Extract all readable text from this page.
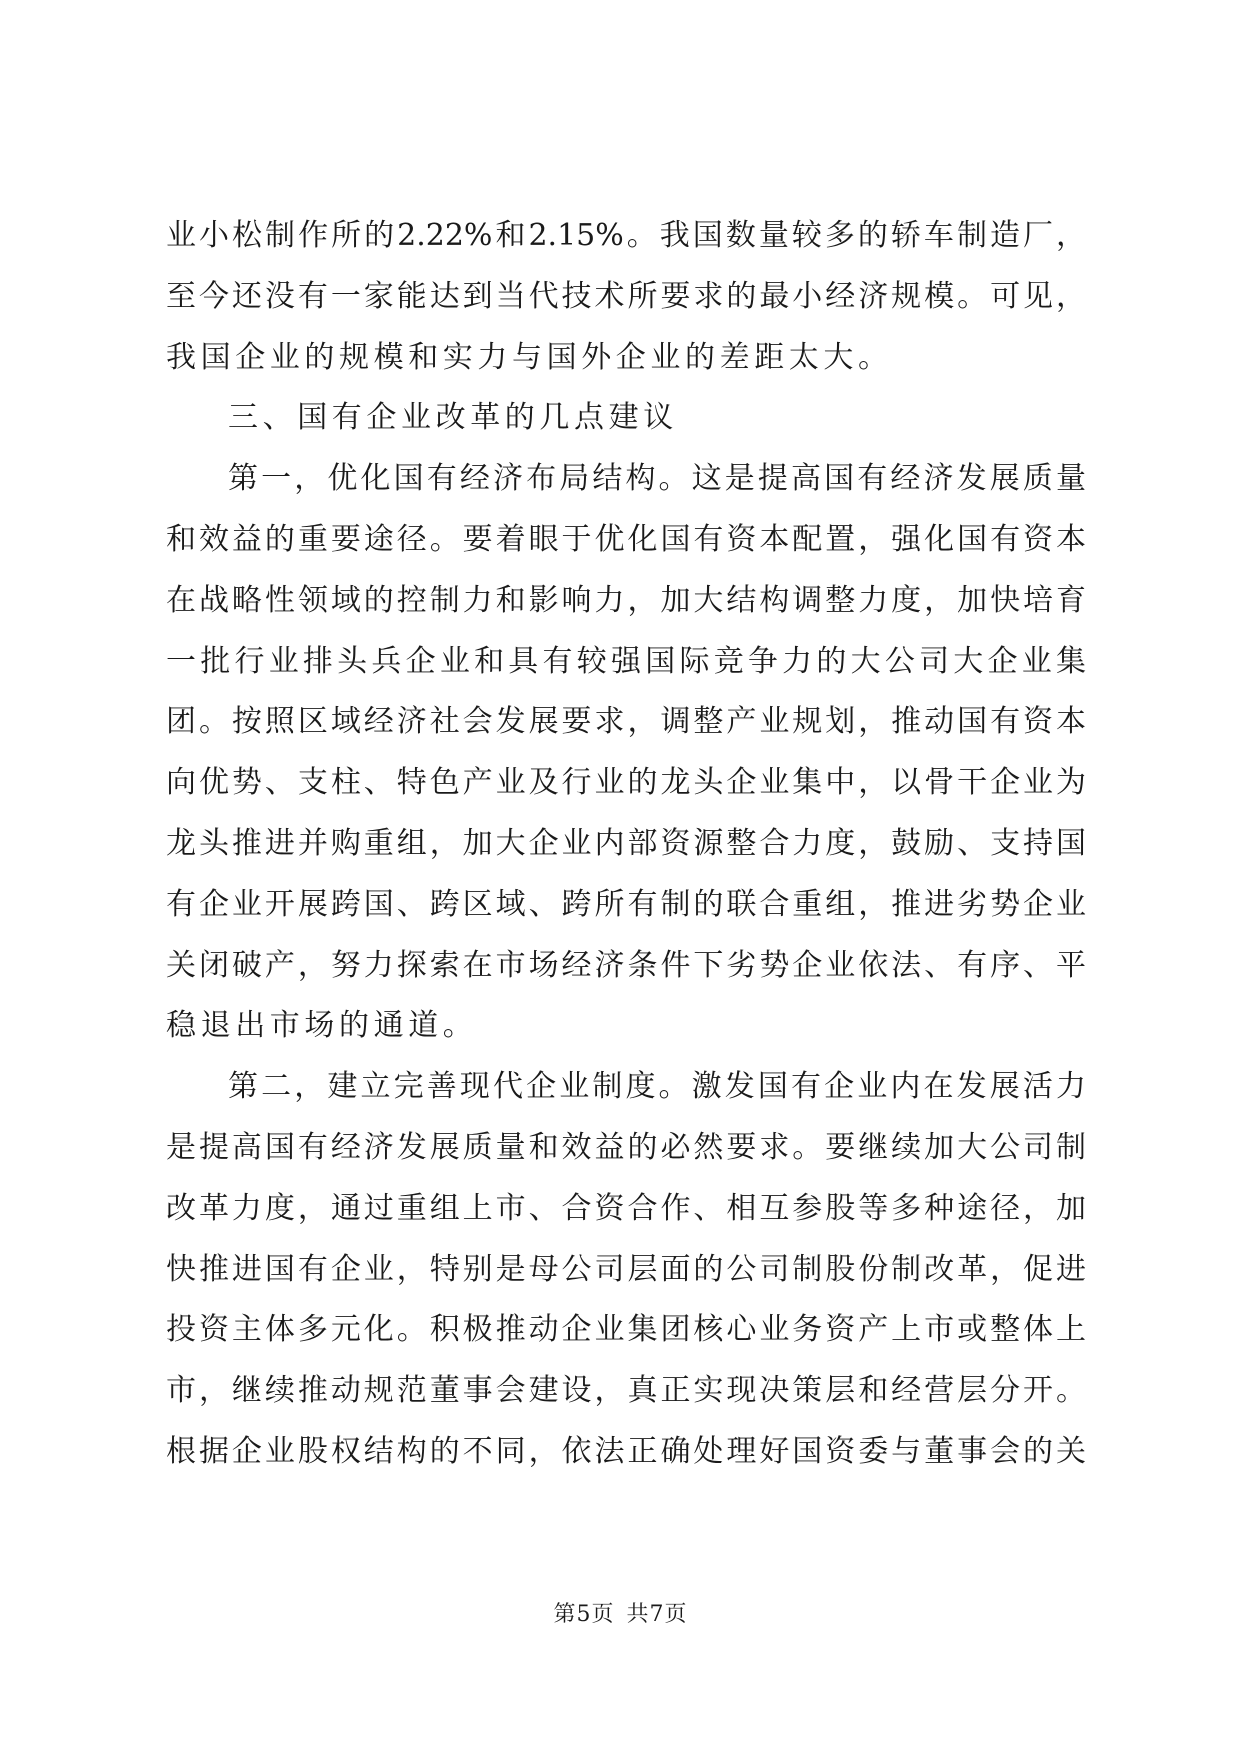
业小松制作所的2.22%和2.15%。我国数量较多的轿车制造厂，
至今还没有一家能达到当代技术所要求的最小经济规模。可见，
我国企业的规模和实力与国外企业的差距太大。
三、国有企业改革的几点建议
第一，优化国有经济布局结构。这是提高国有经济发展质量
和效益的重要途径。要着眼于优化国有资本配置，强化国有资本
在战略性领域的控制力和影响力，加大结构调整力度，加快培育
一批行业排头兵企业和具有较强国际竞争力的大公司大企业集
团。按照区域经济社会发展要求，调整产业规划，推动国有资本
向优势、支柱、特色产业及行业的龙头企业集中，以骨干企业为
龙头推进并购重组，加大企业内部资源整合力度，鼓励、支持国
有企业开展跨国、跨区域、跨所有制的联合重组，推进劣势企业
关闭破产，努力探索在市场经济条件下劣势企业依法、有序、平
稳退出市场的通道。
第二，建立完善现代企业制度。激发国有企业内在发展活力
是提高国有经济发展质量和效益的必然要求。要继续加大公司制
改革力度，通过重组上市、合资合作、相互参股等多种途径，加
快推进国有企业，特别是母公司层面的公司制股份制改革，促进
投资主体多元化。积极推动企业集团核心业务资产上市或整体上
市，继续推动规范董事会建设，真正实现决策层和经营层分开。
根据企业股权结构的不同，依法正确处理好国资委与董事会的关
第5页 共7页
